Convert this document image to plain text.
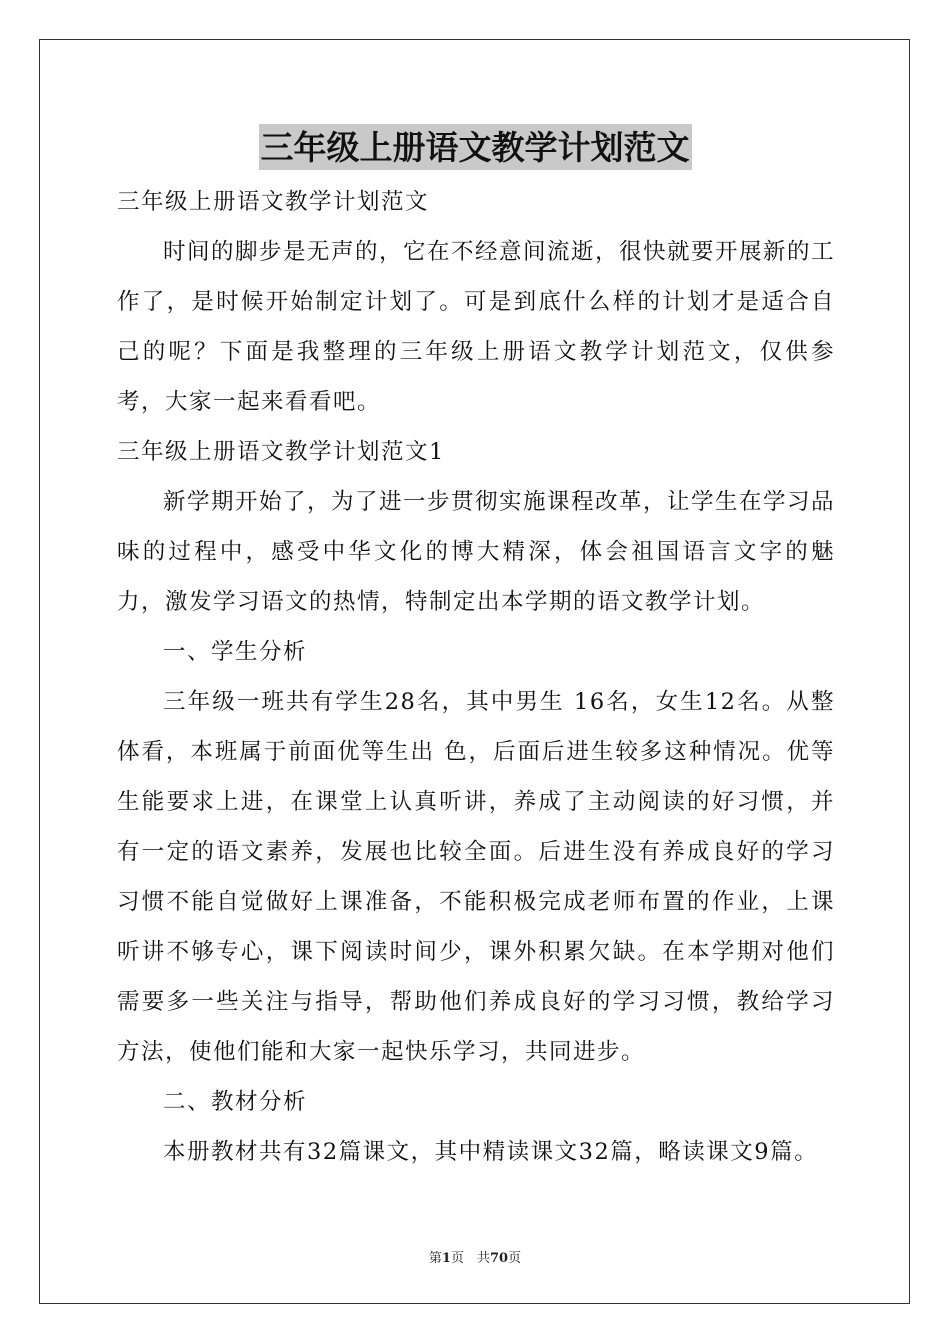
三年级上册语文教学计划范文
三年级上册语文教学计划范文

时间的脚步是无声的，它在不经意间流逝，很快就要开展新的工作了，是时候开始制定计划了。可是到底什么样的计划才是适合自己的呢？下面是我整理的三年级上册语文教学计划范文，仅供参考，大家一起来看看吧。

三年级上册语文教学计划范文1

新学期开始了，为了进一步贯彻实施课程改革，让学生在学习品味的过程中，感受中华文化的博大精深，体会祖国语言文字的魅力，激发学习语文的热情，特制定出本学期的语文教学计划。

一、学生分析

三年级一班共有学生28名，其中男生 16名，女生12名。从整体看，本班属于前面优等生出 色，后面后进生较多这种情况。优等生能要求上进，在课堂上认真听讲，养成了主动阅读的好习惯，并有一定的语文素养，发展也比较全面。后进生没有养成良好的学习习惯不能自觉做好上课准备，不能积极完成老师布置的作业，上课听讲不够专心，课下阅读时间少，课外积累欠缺。在本学期对他们需要多一些关注与指导，帮助他们养成良好的学习习惯，教给学习方法，使他们能和大家一起快乐学习，共同进步。

二、教材分析

本册教材共有32篇课文，其中精读课文32篇，略读课文9篇。

第1页　共70页
